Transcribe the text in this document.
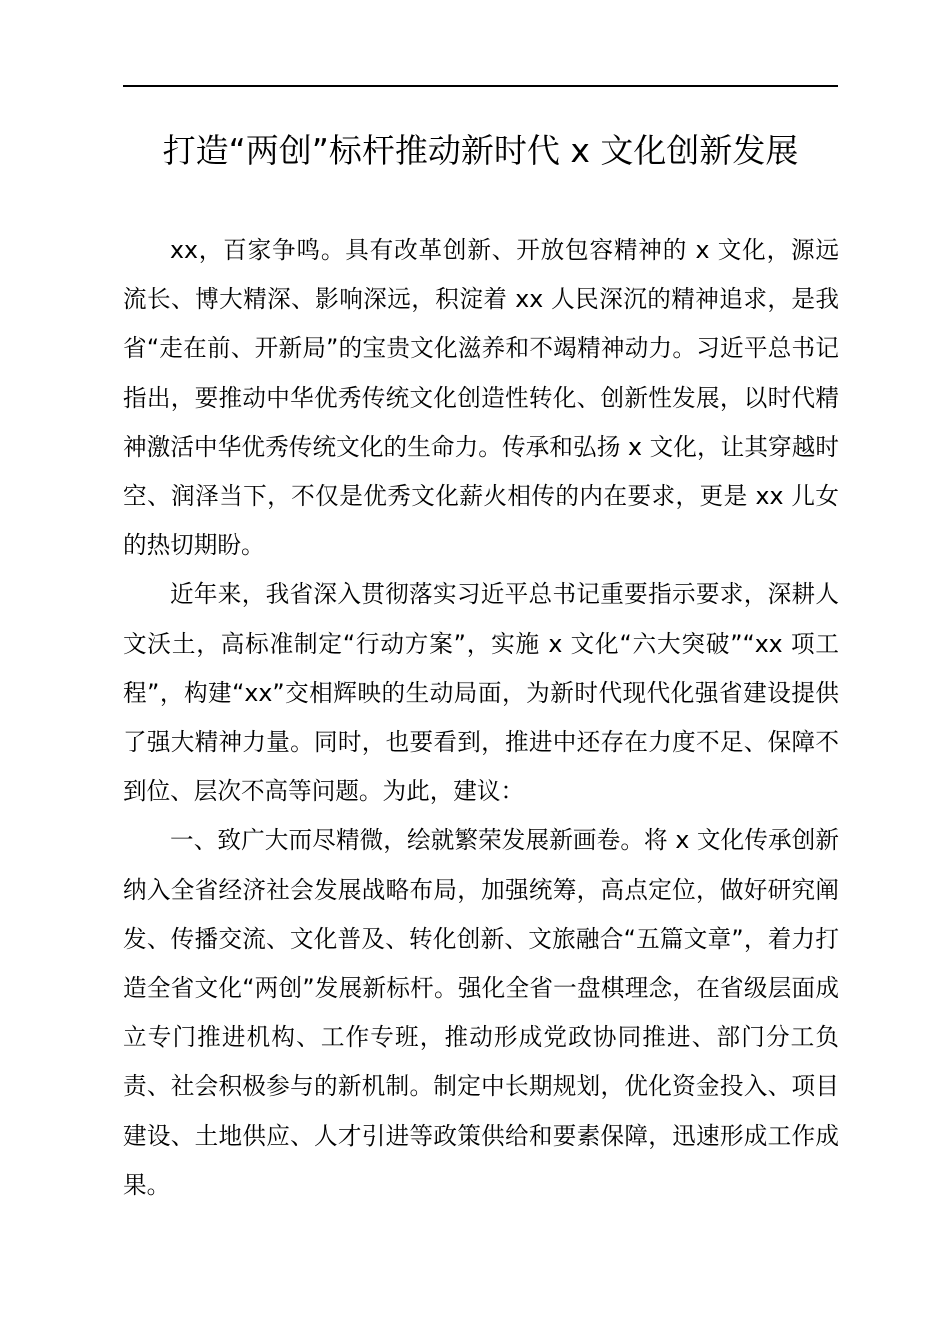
打造“两创”标杆推动新时代 x 文化创新发展

xx，百家争鸣。具有改革创新、开放包容精神的 x 文化，源远流长、博大精深、影响深远，积淀着 xx 人民深沉的精神追求，是我省“走在前、开新局”的宝贵文化滋养和不竭精神动力。习近平总书记指出，要推动中华优秀传统文化创造性转化、创新性发展，以时代精神激活中华优秀传统文化的生命力。传承和弘扬 x 文化，让其穿越时空、润泽当下，不仅是优秀文化薪火相传的内在要求，更是 xx 儿女的热切期盼。

近年来，我省深入贯彻落实习近平总书记重要指示要求，深耕人文沃土，高标准制定“行动方案”，实施 x 文化“六大突破”“xx 项工程”，构建“xx”交相辉映的生动局面，为新时代现代化强省建设提供了强大精神力量。同时，也要看到，推进中还存在力度不足、保障不到位、层次不高等问题。为此，建议：

一、致广大而尽精微，绘就繁荣发展新画卷。将 x 文化传承创新纳入全省经济社会发展战略布局，加强统筹，高点定位，做好研究阐发、传播交流、文化普及、转化创新、文旅融合“五篇文章”，着力打造全省文化“两创”发展新标杆。强化全省一盘棋理念，在省级层面成立专门推进机构、工作专班，推动形成党政协同推进、部门分工负责、社会积极参与的新机制。制定中长期规划，优化资金投入、项目建设、土地供应、人才引进等政策供给和要素保障，迅速形成工作成果。
